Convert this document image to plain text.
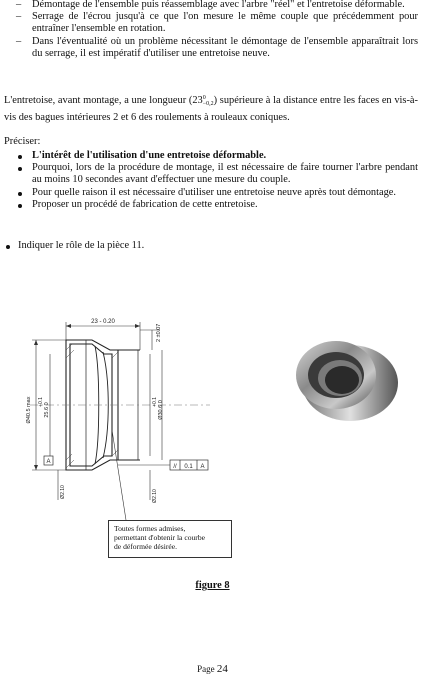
– Démontage de l'ensemble puis réassemblage avec l'arbre "réel" et l'entretoise déformable.
– Serrage de l'écrou jusqu'à ce que l'on mesure le même couple que précédemment pour entraîner l'ensemble en rotation.
– Dans l'éventualité où un problème nécessitant le démontage de l'ensemble apparaîtrait lors du serrage, il est impératif d'utiliser une entretoise neuve.
L'entretoise, avant montage, a une longueur (23 0
−0,2 ) supérieure à la distance entre les faces en vis-à-vis des bagues intérieures 2 et 6 des roulements à rouleaux coniques.
Préciser:
L'intérêt de l'utilisation d'une entretoise déformable.
Pourquoi, lors de la procédure de montage, il est nécessaire de faire tourner l'arbre pendant au moins 10 secondes avant d'effectuer une mesure du couple.
Pour quelle raison il est nécessaire d'utiliser une entretoise neuve après tout démontage.
Proposer un procédé de fabrication de cette entretoise.
Indiquer le rôle de la pièce 11.
23 - 0.20
2 ±0.07
Ø40.5 max +0.1
25.6 0
+0.1 Ø30.6 0
Ø2.10	Ø2.10
A
// 0.1 A
Toutes formes admises,
permettant d'obtenir la courbe
de déformée désirée.
figure 8
Page 24
